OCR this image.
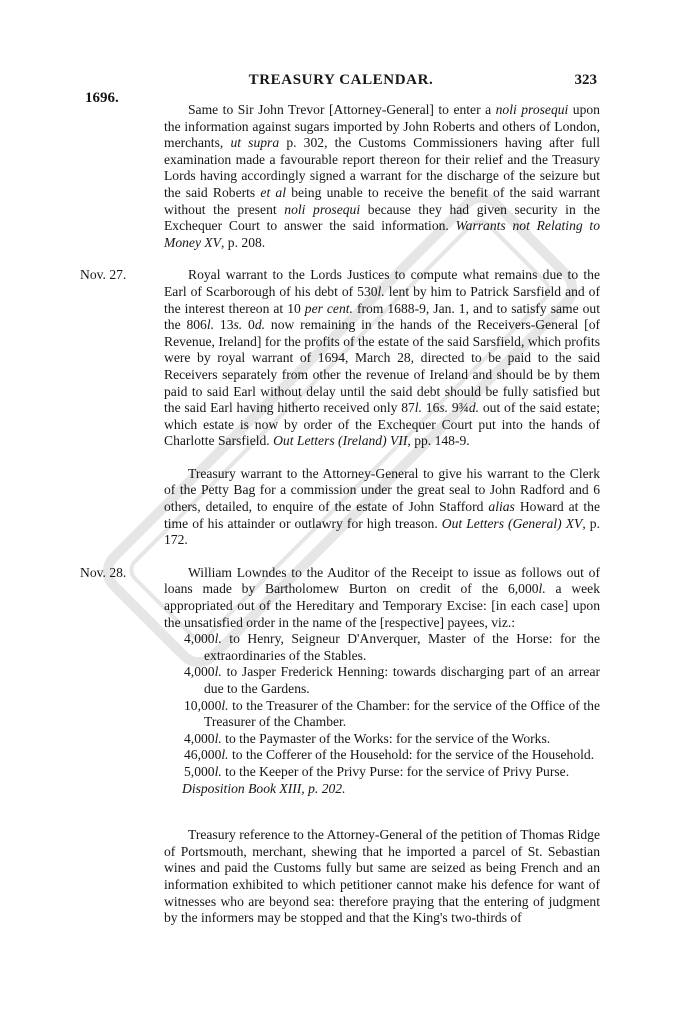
TREASURY CALENDAR.	323
1696.

Same to Sir John Trevor [Attorney-General] to enter a noli prosequi upon the information against sugars imported by John Roberts and others of London, merchants, ut supra p. 302, the Customs Commissioners having after full examination made a favourable report thereon for their relief and the Treasury Lords having accordingly signed a warrant for the discharge of the seizure but the said Roberts et al being unable to receive the benefit of the said warrant without the present noli prosequi because they had given security in the Exchequer Court to answer the said information. Warrants not Relating to Money XV, p. 208.

Nov. 27.	Royal warrant to the Lords Justices to compute what remains due to the Earl of Scarborough of his debt of 530l. lent by him to Patrick Sarsfield and of the interest thereon at 10 per cent. from 1688-9, Jan. 1, and to satisfy same out the 806l. 13s. 0d. now remaining in the hands of the Receivers-General [of Revenue, Ireland] for the profits of the estate of the said Sarsfield, which profits were by royal warrant of 1694, March 28, directed to be paid to the said Receivers separately from other the revenue of Ireland and should be by them paid to said Earl without delay until the said debt should be fully satisfied but the said Earl having hitherto received only 87l. 16s. 9¾d. out of the said estate; which estate is now by order of the Exchequer Court put into the hands of Charlotte Sarsfield. Out Letters (Ireland) VII, pp. 148-9.

Treasury warrant to the Attorney-General to give his warrant to the Clerk of the Petty Bag for a commission under the great seal to John Radford and 6 others, detailed, to enquire of the estate of John Stafford alias Howard at the time of his attainder or outlawry for high treason. Out Letters (General) XV, p. 172.

Nov. 28.	William Lowndes to the Auditor of the Receipt to issue as follows out of loans made by Bartholomew Burton on credit of the 6,000l. a week appropriated out of the Hereditary and Temporary Excise: [in each case] upon the unsatisfied order in the name of the [respective] payees, viz.:

4,000l. to Henry, Seigneur D'Anverquer, Master of the Horse: for the extraordinaries of the Stables.
4,000l. to Jasper Frederick Henning: towards discharging part of an arrear due to the Gardens.
10,000l. to the Treasurer of the Chamber: for the service of the Office of the Treasurer of the Chamber.
4,000l. to the Paymaster of the Works: for the service of the Works.
46,000l. to the Cofferer of the Household: for the service of the Household.
5,000l. to the Keeper of the Privy Purse: for the service of Privy Purse.
Disposition Book XIII, p. 202.

Treasury reference to the Attorney-General of the petition of Thomas Ridge of Portsmouth, merchant, shewing that he imported a parcel of St. Sebastian wines and paid the Customs fully but same are seized as being French and an information exhibited to which petitioner cannot make his defence for want of witnesses who are beyond sea: therefore praying that the entering of judgment by the informers may be stopped and that the King's two-thirds of
